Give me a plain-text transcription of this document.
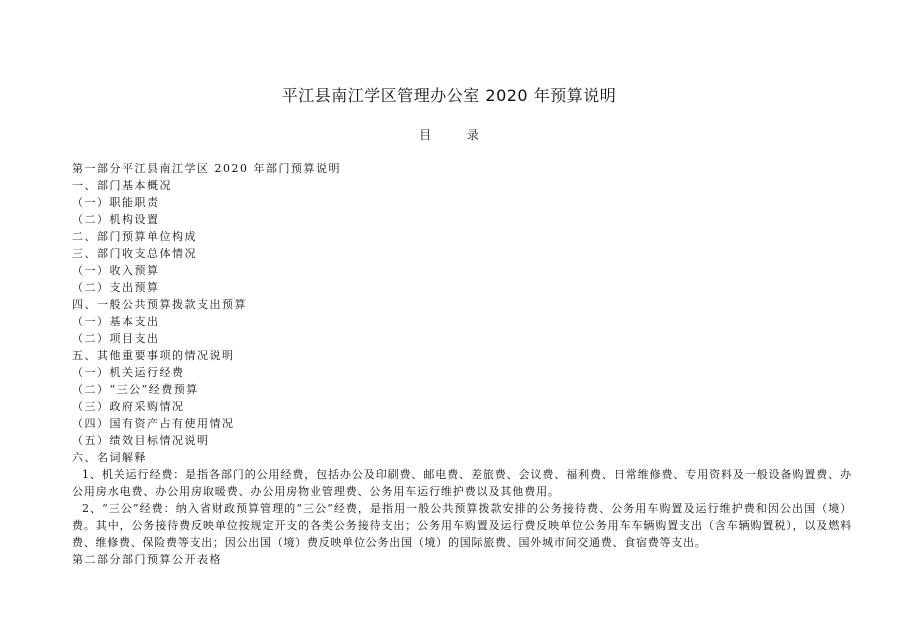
平江县南江学区管理办公室 2020 年预算说明
目 录
第一部分平江县南江学区 2020 年部门预算说明
一、部门基本概况
（一）职能职责
（二）机构设置
二、部门预算单位构成
三、部门收支总体情况
（一）收入预算
（二）支出预算
四、一般公共预算拨款支出预算
（一）基本支出
（二）项目支出
五、其他重要事项的情况说明
（一）机关运行经费
（二）“三公”经费预算
（三）政府采购情况
（四）国有资产占有使用情况
（五）绩效目标情况说明
六、名词解释
1、机关运行经费：是指各部门的公用经费，包括办公及印刷费、邮电费、差旅费、会议费、福利费、日常维修费、专用资料及一般设备购置费、办公用房水电费、办公用房取暖费、办公用房物业管理费、公务用车运行维护费以及其他费用。
2、“三公”经费：纳入省财政预算管理的“三公“经费，是指用一般公共预算拨款安排的公务接待费、公务用车购置及运行维护费和因公出国（境）费。其中，公务接待费反映单位按规定开支的各类公务接待支出；公务用车购置及运行费反映单位公务用车车辆购置支出（含车辆购置税），以及燃料费、维修费、保险费等支出；因公出国（境）费反映单位公务出国（境）的国际旅费、国外城市间交通费、食宿费等支出。
第二部分部门预算公开表格
